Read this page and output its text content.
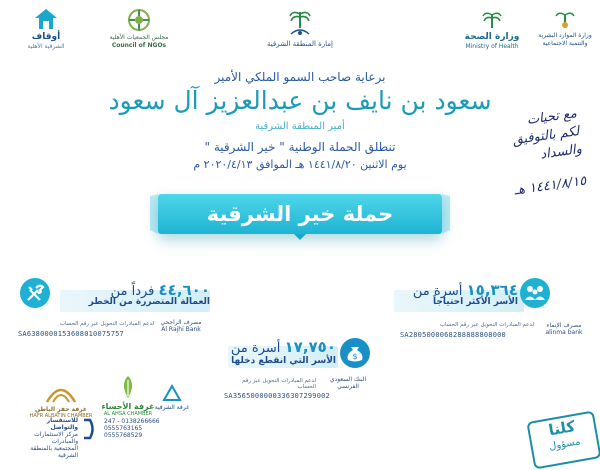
أوقاف
الشرقية الأهلية
مجلس الجمعيات الأهلية
Council of NGOs	إمارة المنطقة الشرقية
وزارة الصحة
Ministry of Health
وزارة الموارد البشرية
والتنمية الاجتماعية
برعاية صاحب السمو الملكي الأمير
سعود بن نايف بن عبدالعزيز آل سعود
أمير المنطقة الشرقية
تنطلق الحملة الوطنية " خير الشرقية "
يوم الاثنين ١٤٤١/٨/٢٠ هـ الموافق ٢٠٢٠/٤/١٣ م
مع تحيات
لكم بالتوفيق
والسداد
١٤٤١/٨/١٥ هـ
حملة خير الشرقية
٤٤,٦٠٠ فرداً من
العمالة المتضررة من الخطر
مصرف الراجحي
Al Rajhi Bank
لدعم المبادرات التحويل عبر رقم الحساب
SA6380000153608010075757
$
١٧,٧٥٠ أسرة من
الأسر التي انقطع دخلها
البنك السعودي الفرنسي
لدعم المبادرات التحويل عبر رقم الحساب
SA3565000000336307299002
١٥,٣٦٤ أسرة من
الأسر الأكثر احتياجاً
مصرف الإنماء
alinma bank
لدعم المبادرات التحويل عبر رقم الحساب
SA2805000068288888808000
غرفة حفر الباطن
HAFR ALBATIN CHAMBER
غرفة الأحساء
AL AHSA CHAMBER
غرفة الشرقية
للاستفسار والتواصل
مركز الاستثمارات والمبادرات
المجتمعية بالمنطقة الشرقية
247 - 0138266666
0555763165
0555768529	كلنا
مسؤول
